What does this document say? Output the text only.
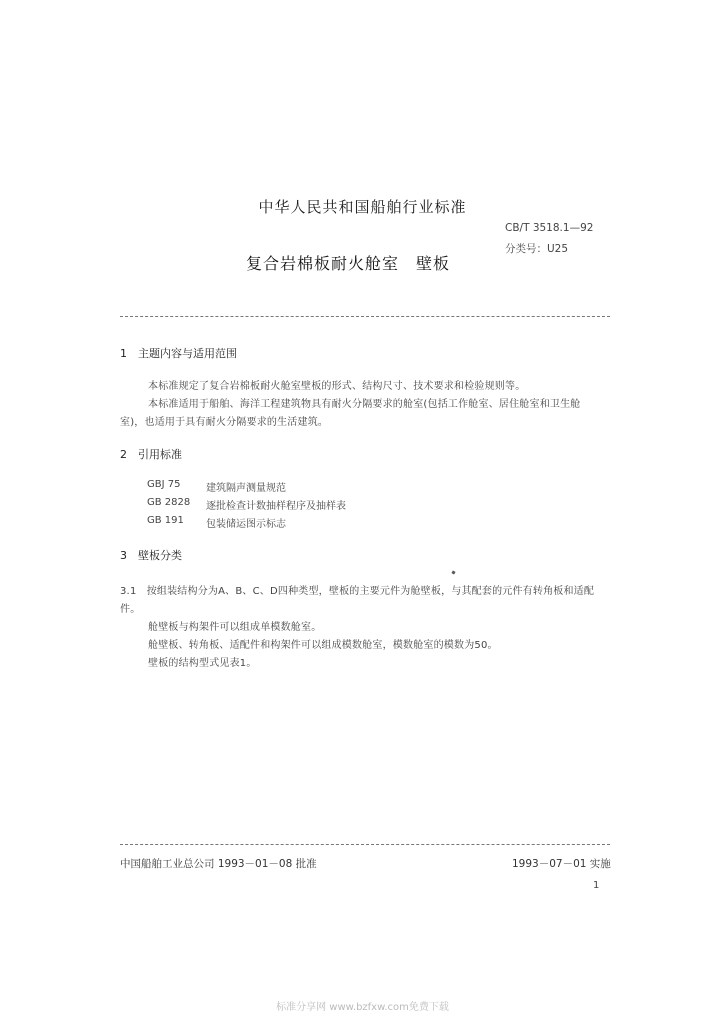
中华人民共和国船舶行业标准
CB/T 3518.1—92
分类号：U25
复合岩棉板耐火舱室　壁板
1　主题内容与适用范围
本标准规定了复合岩棉板耐火舱室壁板的形式、结构尺寸、技术要求和检验规则等。
本标准适用于船舶、海洋工程建筑物具有耐火分隔要求的舱室(包括工作舱室、居住舱室和卫生舱
室)，也适用于具有耐火分隔要求的生活建筑。
2　引用标准
GBJ 75	建筑隔声测量规范
GB 2828 逐批检查计数抽样程序及抽样表
GB 191 包装储运图示标志
3　壁板分类
3.1　按组装结构分为A、B、C、D四种类型，壁板的主要元件为舱壁板，与其配套的元件有转角板和适配
件。
舱壁板与构架件可以组成单模数舱室。
舱壁板、转角板、适配件和构架件可以组成模数舱室，模数舱室的模数为50。
壁板的结构型式见表1。
中国船舶工业总公司 1993－01－08 批准	1993－07－01 实施
1
标准分享网 www.bzfxw.com免费下载
